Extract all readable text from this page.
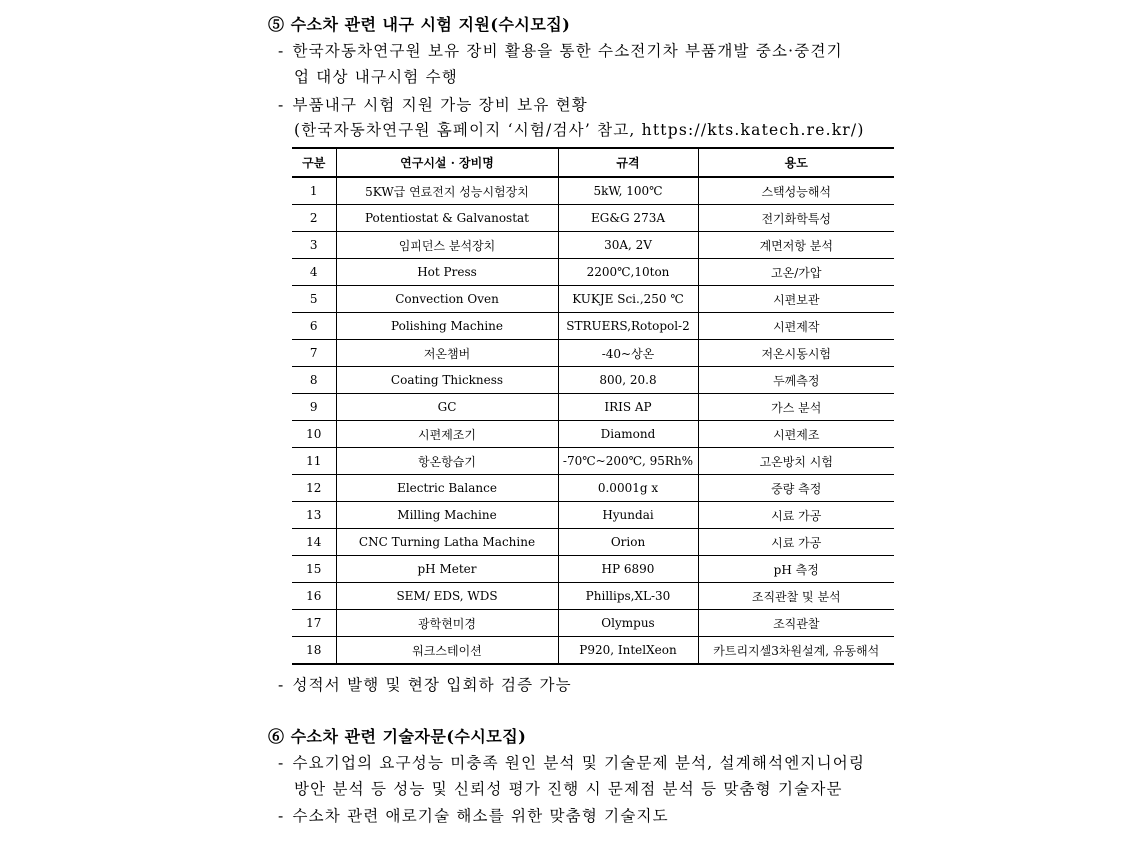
⑤ 수소차 관련 내구 시험 지원(수시모집)
- 한국자동차연구원 보유 장비 활용을 통한 수소전기차 부품개발 중소·중견기
업 대상 내구시험 수행
- 부품내구 시험 지원 가능 장비 보유 현황
(한국자동차연구원 홈페이지 ‘시험/검사’ 참고, https://kts.katech.re.kr/)
구분	연구시설 · 장비명	규격	용도
1	5KW급 연료전지 성능시험장치	5kW, 100℃	스택성능해석
2	Potentiostat & Galvanostat	EG&G 273A	전기화학특성
3	임피던스 분석장치	30A, 2V	계면저항 분석
4	Hot Press	2200℃,10ton	고온/가압
5	Convection Oven	KUKJE Sci.,250 ℃	시편보관
6	Polishing Machine	STRUERS,Rotopol-2	시편제작
7	저온챔버	-40~상온	저온시동시험
8	Coating Thickness	800, 20.8	두께측정
9	GC	IRIS AP	가스 분석
10	시편제조기	Diamond	시편제조
11	항온항습기	-70℃~200℃, 95Rh%	고온방치 시험
12	Electric Balance	0.0001g x	중량 측정
13	Milling Machine	Hyundai	시료 가공
14	CNC Turning Latha Machine	Orion	시료 가공
15	pH Meter	HP 6890	pH 측정
16	SEM/ EDS, WDS	Phillips,XL-30	조직관찰 및 분석
17	광학현미경	Olympus	조직관찰
18	워크스테이션	P920, IntelXeon	카트리지셀3차원설계, 유동해석
- 성적서 발행 및 현장 입회하 검증 가능
⑥ 수소차 관련 기술자문(수시모집)
- 수요기업의 요구성능 미충족 원인 분석 및 기술문제 분석, 설계해석엔지니어링
방안 분석 등 성능 및 신뢰성 평가 진행 시 문제점 분석 등 맞춤형 기술자문
- 수소차 관련 애로기술 해소를 위한 맞춤형 기술지도
